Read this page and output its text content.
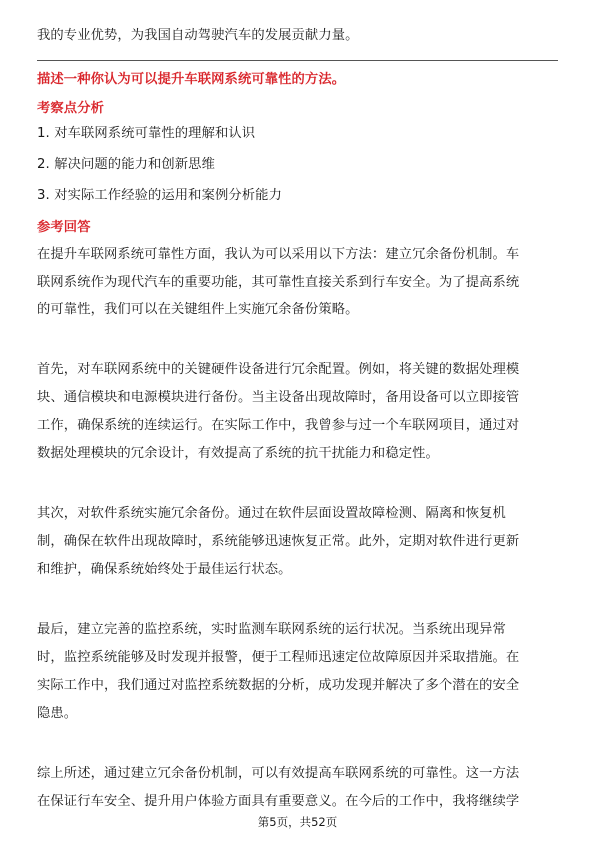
我的专业优势，为我国自动驾驶汽车的发展贡献力量。
描述一种你认为可以提升车联网系统可靠性的方法。
考察点分析
1. 对车联网系统可靠性的理解和认识
2. 解决问题的能力和创新思维
3. 对实际工作经验的运用和案例分析能力
参考回答
在提升车联网系统可靠性方面，我认为可以采用以下方法：建立冗余备份机制。车
联网系统作为现代汽车的重要功能，其可靠性直接关系到行车安全。为了提高系统
的可靠性，我们可以在关键组件上实施冗余备份策略。
首先，对车联网系统中的关键硬件设备进行冗余配置。例如，将关键的数据处理模
块、通信模块和电源模块进行备份。当主设备出现故障时，备用设备可以立即接管
工作，确保系统的连续运行。在实际工作中，我曾参与过一个车联网项目，通过对
数据处理模块的冗余设计，有效提高了系统的抗干扰能力和稳定性。
其次，对软件系统实施冗余备份。通过在软件层面设置故障检测、隔离和恢复机
制，确保在软件出现故障时，系统能够迅速恢复正常。此外，定期对软件进行更新
和维护，确保系统始终处于最佳运行状态。
最后，建立完善的监控系统，实时监测车联网系统的运行状况。当系统出现异常
时，监控系统能够及时发现并报警，便于工程师迅速定位故障原因并采取措施。在
实际工作中，我们通过对监控系统数据的分析，成功发现并解决了多个潜在的安全
隐患。
综上所述，通过建立冗余备份机制，可以有效提高车联网系统的可靠性。这一方法
在保证行车安全、提升用户体验方面具有重要意义。在今后的工作中，我将继续学
第5页，共52页
